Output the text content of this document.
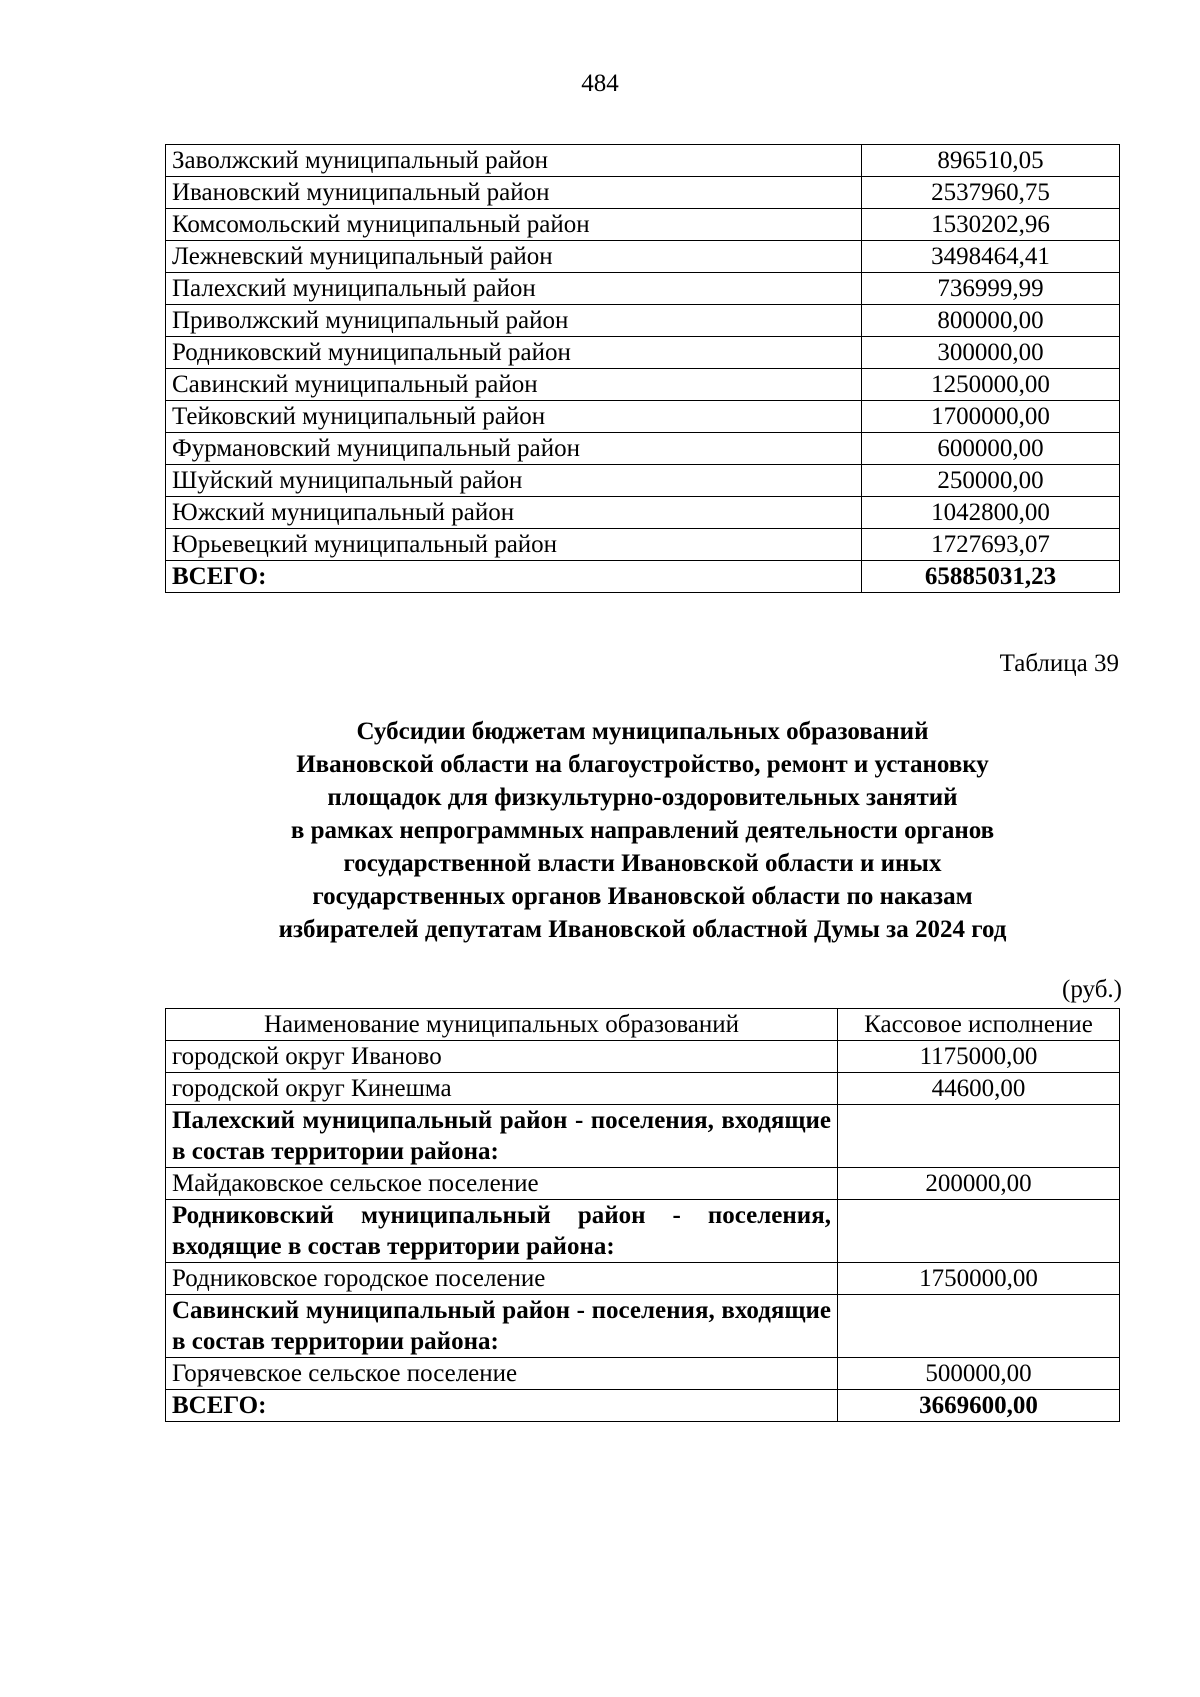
484
Заволжский муниципальный район	896510,05
Ивановский муниципальный район	2537960,75
Комсомольский муниципальный район	1530202,96
Лежневский муниципальный район	3498464,41
Палехский муниципальный район	736999,99
Приволжский муниципальный район	800000,00
Родниковский муниципальный район	300000,00
Савинский муниципальный район	1250000,00
Тейковский муниципальный район	1700000,00
Фурмановский муниципальный район	600000,00
Шуйский муниципальный район	250000,00
Южский муниципальный район	1042800,00
Юрьевецкий муниципальный район	1727693,07
ВСЕГО:	65885031,23
Таблица 39
Субсидии бюджетам муниципальных образований
Ивановской области на благоустройство, ремонт и установку
площадок для физкультурно-оздоровительных занятий
в рамках непрограммных направлений деятельности органов
государственной власти Ивановской области и иных
государственных органов Ивановской области по наказам
избирателей депутатам Ивановской областной Думы за 2024 год
(руб.)
Наименование муниципальных образований	Кассовое исполнение
городской округ Иваново	1175000,00
городской округ Кинешма	44600,00
Палехский муниципальный район - поселения, входящие в состав территории района:	
Майдаковское сельское поселение	200000,00
Родниковский муниципальный район - поселения, входящие в состав территории района:	
Родниковское городское поселение	1750000,00
Савинский муниципальный район - поселения, входящие в состав территории района:	
Горячевское сельское поселение	500000,00
ВСЕГО:	3669600,00
